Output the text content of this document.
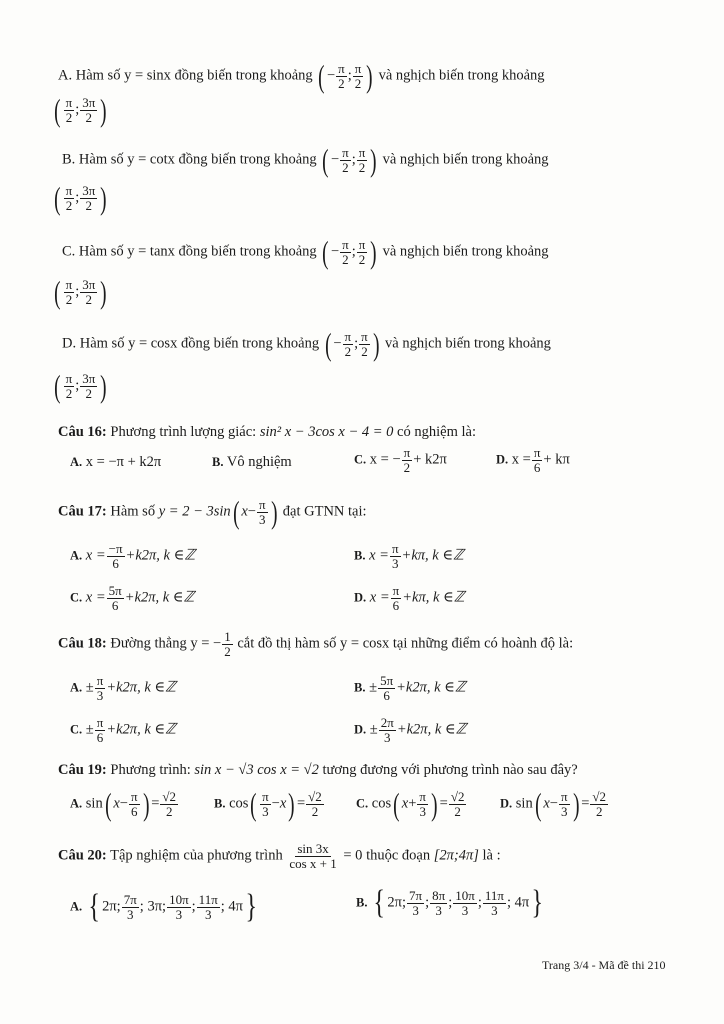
A. Hàm số y = sinx đồng biến trong khoảng ( − $\frac{\pi}{2}$ ; $\frac{\pi}{2}$ ) và nghịch biến trong khoảng
( $\frac{\pi}{2}$ ; $\frac{3\pi}{2}$ )
B. Hàm số y = cotx đồng biến trong khoảng ( − $\frac{\pi}{2}$ ; $\frac{\pi}{2}$ ) và nghịch biến trong khoảng
( $\frac{\pi}{2}$ ; $\frac{3\pi}{2}$ )
C. Hàm số y = tanx đồng biến trong khoảng ( − $\frac{\pi}{2}$ ; $\frac{\pi}{2}$ ) và nghịch biến trong khoảng
( $\frac{\pi}{2}$ ; $\frac{3\pi}{2}$ )
D. Hàm số y = cosx đồng biến trong khoảng ( − $\frac{\pi}{2}$ ; $\frac{\pi}{2}$ ) và nghịch biến trong khoảng
( $\frac{\pi}{2}$ ; $\frac{3\pi}{2}$ )
Câu 16: Phương trình lượng giác: sin² x − 3cos x − 4 = 0 có nghiệm là:
A. x = −π + k2π	B. Vô nghiệm	C. x = − $\frac{\pi}{2} + k2\pi$	D. $x = \frac{\pi}{6} + k\pi$
Câu 17: Hàm số y = 2 − 3sin( $x- \frac{\pi}{3}$ ) đạt GTNN tại:
A. $x = \frac{-\pi}{6} +k2\pi$, k ∈ℤ	B. $x = \frac{\pi}{3} +k\pi$, k ∈ℤ
C. $x = \frac{5\pi}{6} +k2\pi$, k ∈ℤ	D. $x = \frac{\pi}{6} +k\pi$, k ∈ℤ
Câu 18: Đường thẳng y = − $\frac{1}{2}$ cắt đồ thị hàm số y = cosx tại những điểm có hoành độ là:
A. ± $\frac{\pi}{3} +k2\pi$, k ∈ℤ	B. ± $\frac{5\pi}{6} +k2\pi$, k ∈ℤ
C. ± $\frac{\pi}{6} +k2\pi$, k ∈ℤ	D. ± $\frac{2\pi}{3} +k2\pi$, k ∈ℤ
Câu 19: Phương trình: sin x − √3 cos x = √2 tương đương với phương trình nào sau đây?
A. sin( $x- \frac{\pi}{6}$ ) = $\frac{√2}{2}$	B. $\cos( \frac{\pi}{3} -x) = \frac{√2}{2}$	C. cos( $x+ \frac{\pi}{3}$ ) = $\frac{√2}{2}$	D. sin( $x- \frac{\pi}{3}$ ) = $\frac{√2}{2}$
Câu 20: Tập nghiệm của phương trình $\frac{\sin 3x}{\text{cos x + 1}} = 0$ thuộc đoạn [2π;4π] là :
A. { 2π; $\frac{7\pi}{3}$ ; 3π; $\frac{10\pi}{3}$ ; $\frac{11\pi}{3}$ ; 4π}	B. { 2π; $\frac{7\pi}{3}$ ; $\frac{8\pi}{3}$ ; $\frac{10\pi}{3}$ ; $\frac{11\pi}{3}$ ; 4π}
Trang 3/4 - Mã đề thi 210
